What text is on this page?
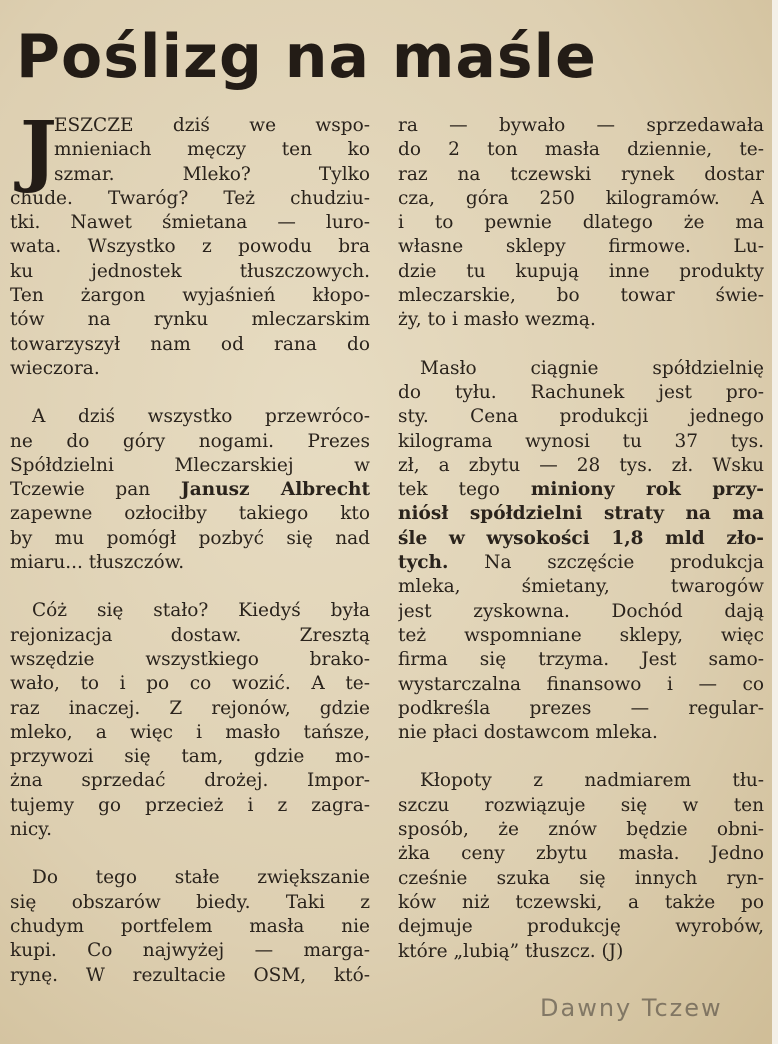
Poślizg na maśle
J
ESZCZE dziś we wspo-
mnieniach męczy ten ko
szmar. Mleko? Tylko
chude. Twaróg? Też chudziu-
tki. Nawet śmietana — luro-
wata. Wszystko z powodu bra
ku jednostek tłuszczowych.
Ten żargon wyjaśnień kłopo-
tów na rynku mleczarskim
towarzyszył nam od rana do
wieczora.
A dziś wszystko przewróco-
ne do góry nogami. Prezes
Spółdzielni Mleczarskiej w
Tczewie pan Janusz Albrecht
zapewne ozłociłby takiego kto
by mu pomógł pozbyć się nad
miaru... tłuszczów.
Cóż się stało? Kiedyś była
rejonizacja dostaw. Zresztą
wszędzie wszystkiego brako-
wało, to i po co wozić. A te-
raz inaczej. Z rejonów, gdzie
mleko, a więc i masło tańsze,
przywozi się tam, gdzie mo-
żna sprzedać drożej. Impor-
tujemy go przecież i z zagra-
nicy.
Do tego stałe zwiększanie
się obszarów biedy. Taki z
chudym portfelem masła nie
kupi. Co najwyżej — marga-
rynę. W rezultacie OSM, któ-
ra — bywało — sprzedawała
do 2 ton masła dziennie, te-
raz na tczewski rynek dostar
cza, góra 250 kilogramów. A
i to pewnie dlatego że ma
własne sklepy firmowe. Lu-
dzie tu kupują inne produkty
mleczarskie, bo towar świe-
ży, to i masło wezmą.
Masło ciągnie spółdzielnię
do tyłu. Rachunek jest pro-
sty. Cena produkcji jednego
kilograma wynosi tu 37 tys.
zł, a zbytu — 28 tys. zł. Wsku
tek tego miniony rok przy-
niósł spółdzielni straty na ma
śle w wysokości 1,8 mld zło-
tych. Na szczęście produkcja
mleka, śmietany, twarogów
jest zyskowna. Dochód dają
też wspomniane sklepy, więc
firma się trzyma. Jest samo-
wystarczalna finansowo i — co
podkreśla prezes — regular-
nie płaci dostawcom mleka.
Kłopoty z nadmiarem tłu-
szczu rozwiązuje się w ten
sposób, że znów będzie obni-
żka ceny zbytu masła. Jedno
cześnie szuka się innych ryn-
ków niż tczewski, a także po
dejmuje produkcję wyrobów,
które „lubią” tłuszcz. (J)
Dawny Tczew
